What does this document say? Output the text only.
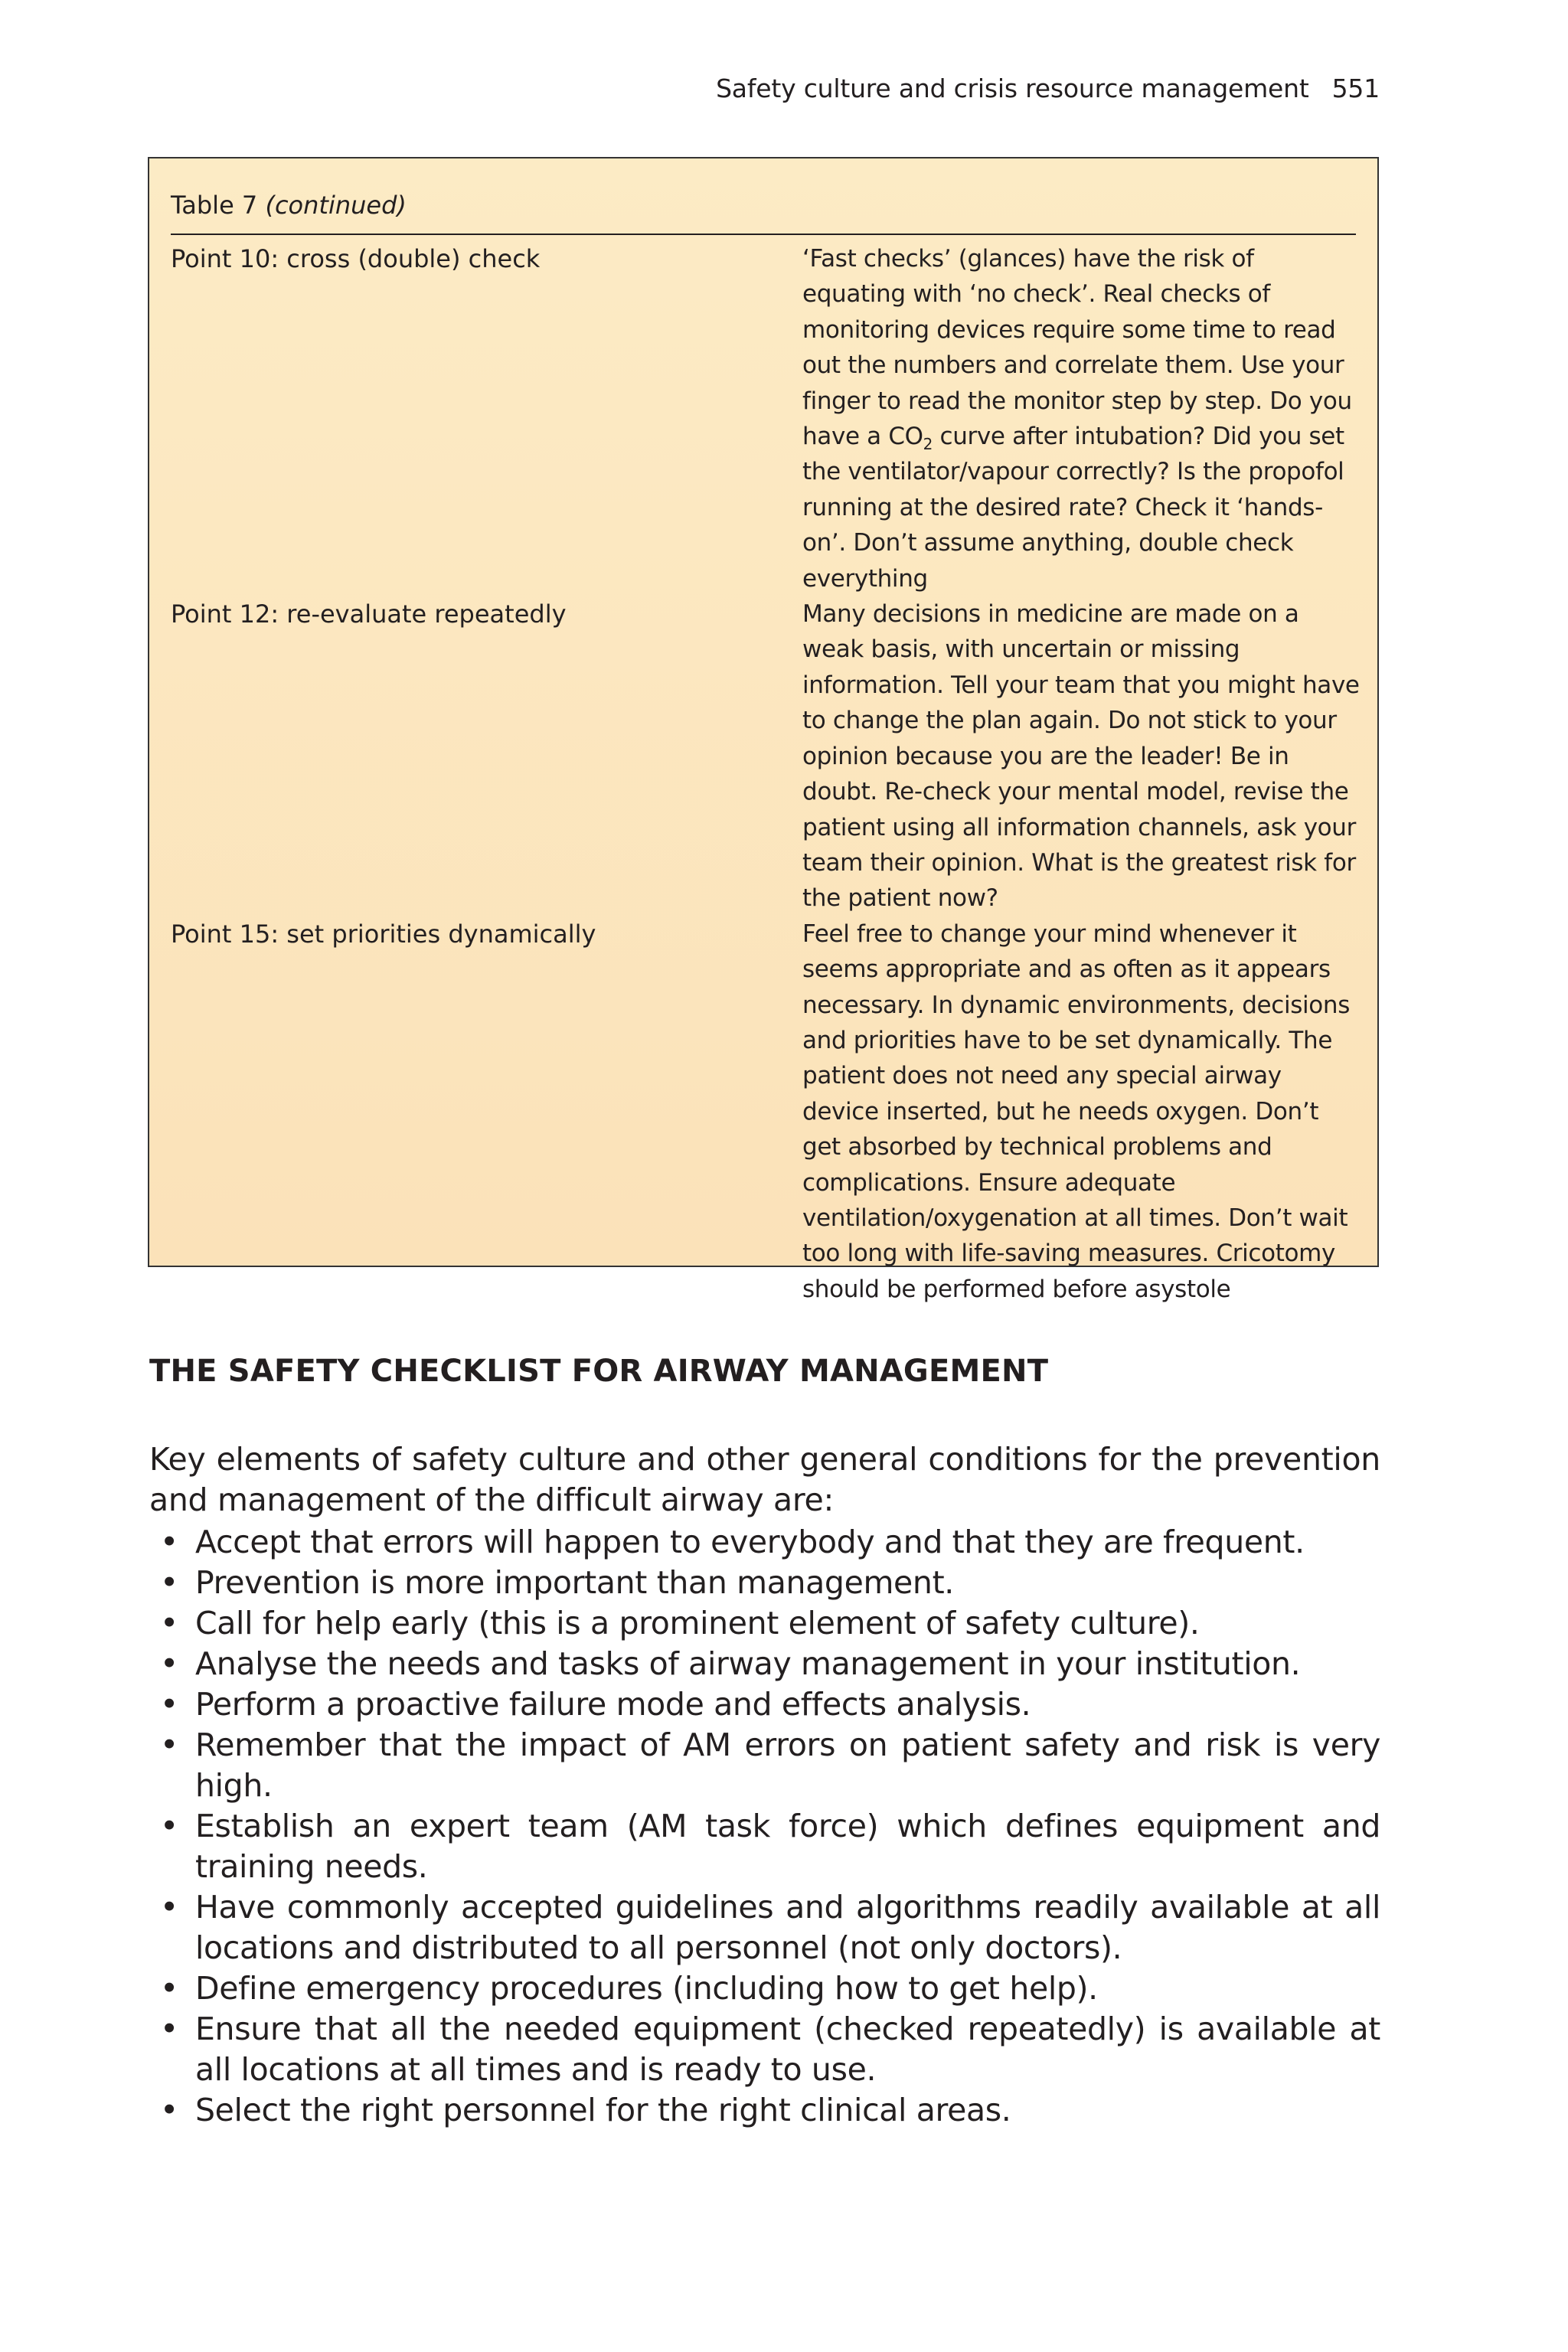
Safety culture and crisis resource management 551
Table 7 (continued)
Point 10: cross (double) check	‘Fast checks’ (glances) have the risk of equating with ‘no check’. Real checks of monitoring devices require some time to read out the numbers and correlate them. Use your finger to read the monitor step by step. Do you have a $CO_2$ curve after intubation? Did you set the ventilator/vapour correctly? Is the propofol running at the desired rate? Check it ‘hands-on’. Don’t assume anything, double check everything
Point 12: re-evaluate repeatedly	Many decisions in medicine are made on a weak basis, with uncertain or missing information. Tell your team that you might have to change the plan again. Do not stick to your opinion because you are the leader! Be in doubt. Re-check your mental model, revise the patient using all information channels, ask your team their opinion. What is the greatest risk for the patient now?
Point 15: set priorities dynamically	Feel free to change your mind whenever it seems appropriate and as often as it appears necessary. In dynamic environments, decisions and priorities have to be set dynamically. The patient does not need any special airway device inserted, but he needs oxygen. Don’t get absorbed by technical problems and complications. Ensure adequate ventilation/oxygenation at all times. Don’t wait too long with life-saving measures. Cricotomy should be performed before asystole
THE SAFETY CHECKLIST FOR AIRWAY MANAGEMENT
Key elements of safety culture and other general conditions for the prevention and management of the difficult airway are:
• Accept that errors will happen to everybody and that they are frequent.
• Prevention is more important than management.
• Call for help early (this is a prominent element of safety culture).
• Analyse the needs and tasks of airway management in your institution.
• Perform a proactive failure mode and effects analysis.
• Remember that the impact of AM errors on patient safety and risk is very high.
• Establish an expert team (AM task force) which defines equipment and training needs.
• Have commonly accepted guidelines and algorithms readily available at all locations and distributed to all personnel (not only doctors).
• Define emergency procedures (including how to get help).
• Ensure that all the needed equipment (checked repeatedly) is available at all locations at all times and is ready to use.
• Select the right personnel for the right clinical areas.
